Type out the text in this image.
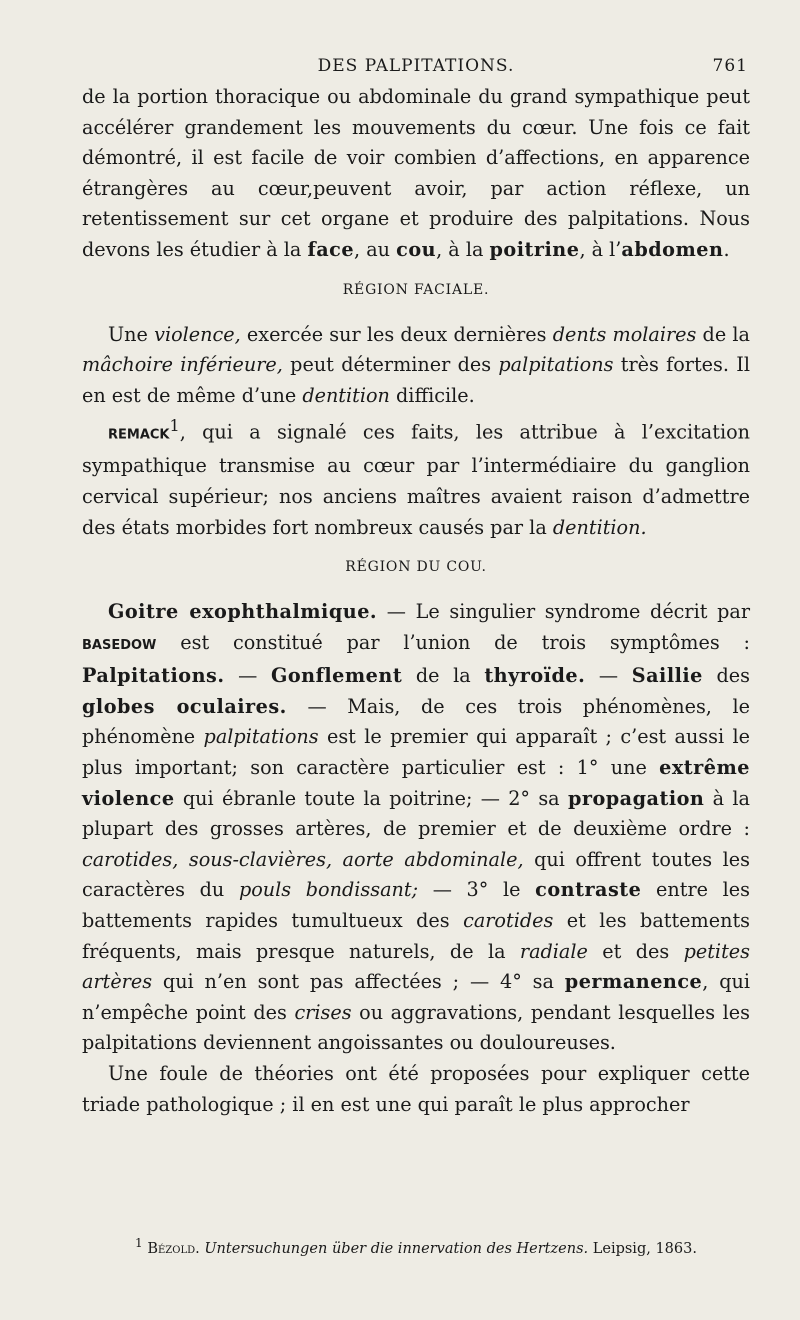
DES PALPITATIONS.	761

de la portion thoracique ou abdominale du grand sympathique peut accélérer grandement les mouvements du cœur. Une fois ce fait démontré, il est facile de voir combien d’affections, en apparence étrangères au cœur,peuvent avoir, par action réflexe, un retentissement sur cet organe et produire des palpitations. Nous devons les étudier à la face, au cou, à la poitrine, à l’abdomen.

RÉGION FACIALE.

Une violence, exercée sur les deux dernières dents molaires de la mâchoire inférieure, peut déterminer des palpitations très fortes. Il en est de même d’une dentition difficile.

REMACK$^1$, qui a signalé ces faits, les attribue à l’excitation sympathique transmise au cœur par l’intermédiaire du ganglion cervical supérieur; nos anciens maîtres avaient raison d’admettre des états morbides fort nombreux causés par la dentition.

RÉGION DU COU.

Goitre exophthalmique. — Le singulier syndrome décrit par BASEDOW est constitué par l’union de trois symptômes : Palpitations. — Gonflement de la thyroïde. — Saillie des globes oculaires. — Mais, de ces trois phénomènes, le phénomène palpitations est le premier qui apparaît ; c’est aussi le plus important; son caractère particulier est : 1° une extrême violence qui ébranle toute la poitrine; — 2° sa propagation à la plupart des grosses artères, de premier et de deuxième ordre : carotides, sous-clavières, aorte abdominale, qui offrent toutes les caractères du pouls bondissant; — 3° le contraste entre les battements rapides tumultueux des carotides et les battements fréquents, mais presque naturels, de la radiale et des petites artères qui n’en sont pas affectées ; — 4° sa permanence, qui n’empêche point des crises ou aggravations, pendant lesquelles les palpitations deviennent angoissantes ou douloureuses.

Une foule de théories ont été proposées pour expliquer cette triade pathologique ; il en est une qui paraît le plus approcher

$^1$ Bézold. Untersuchungen über die innervation des Hertzens. Leipsig, 1863.
